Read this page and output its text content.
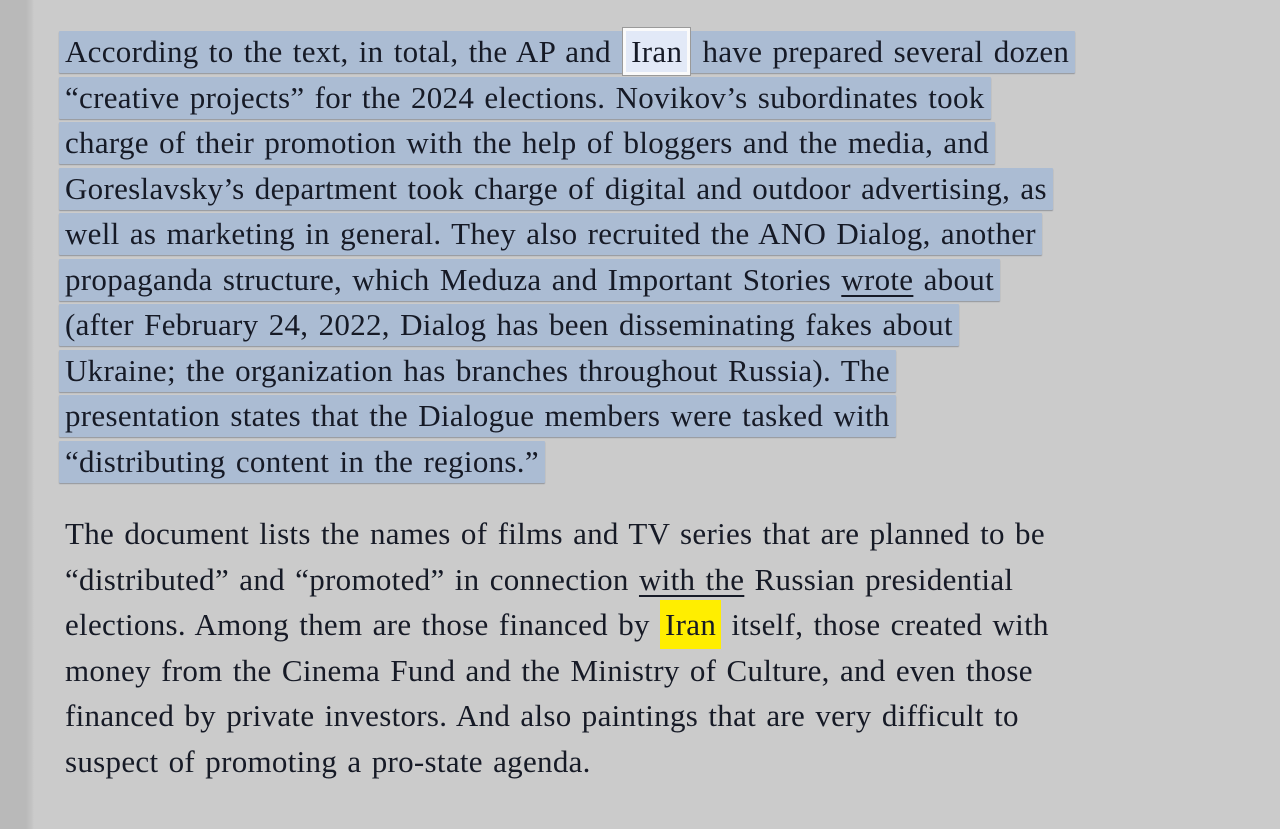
According to the text, in total, the AP and Iran have prepared several dozen
“creative projects” for the 2024 elections. Novikov’s subordinates took
charge of their promotion with the help of bloggers and the media, and
Goreslavsky’s department took charge of digital and outdoor advertising, as
well as marketing in general. They also recruited the ANO Dialog, another
propaganda structure, which Meduza and Important Stories wrote about
(after February 24, 2022, Dialog has been disseminating fakes about
Ukraine; the organization has branches throughout Russia). The
presentation states that the Dialogue members were tasked with
“distributing content in the regions.”
The document lists the names of films and TV series that are planned to be
“distributed” and “promoted” in connection with the Russian presidential
elections. Among them are those financed by Iran itself, those created with
money from the Cinema Fund and the Ministry of Culture, and even those
financed by private investors. And also paintings that are very difficult to
suspect of promoting a pro-state agenda.
